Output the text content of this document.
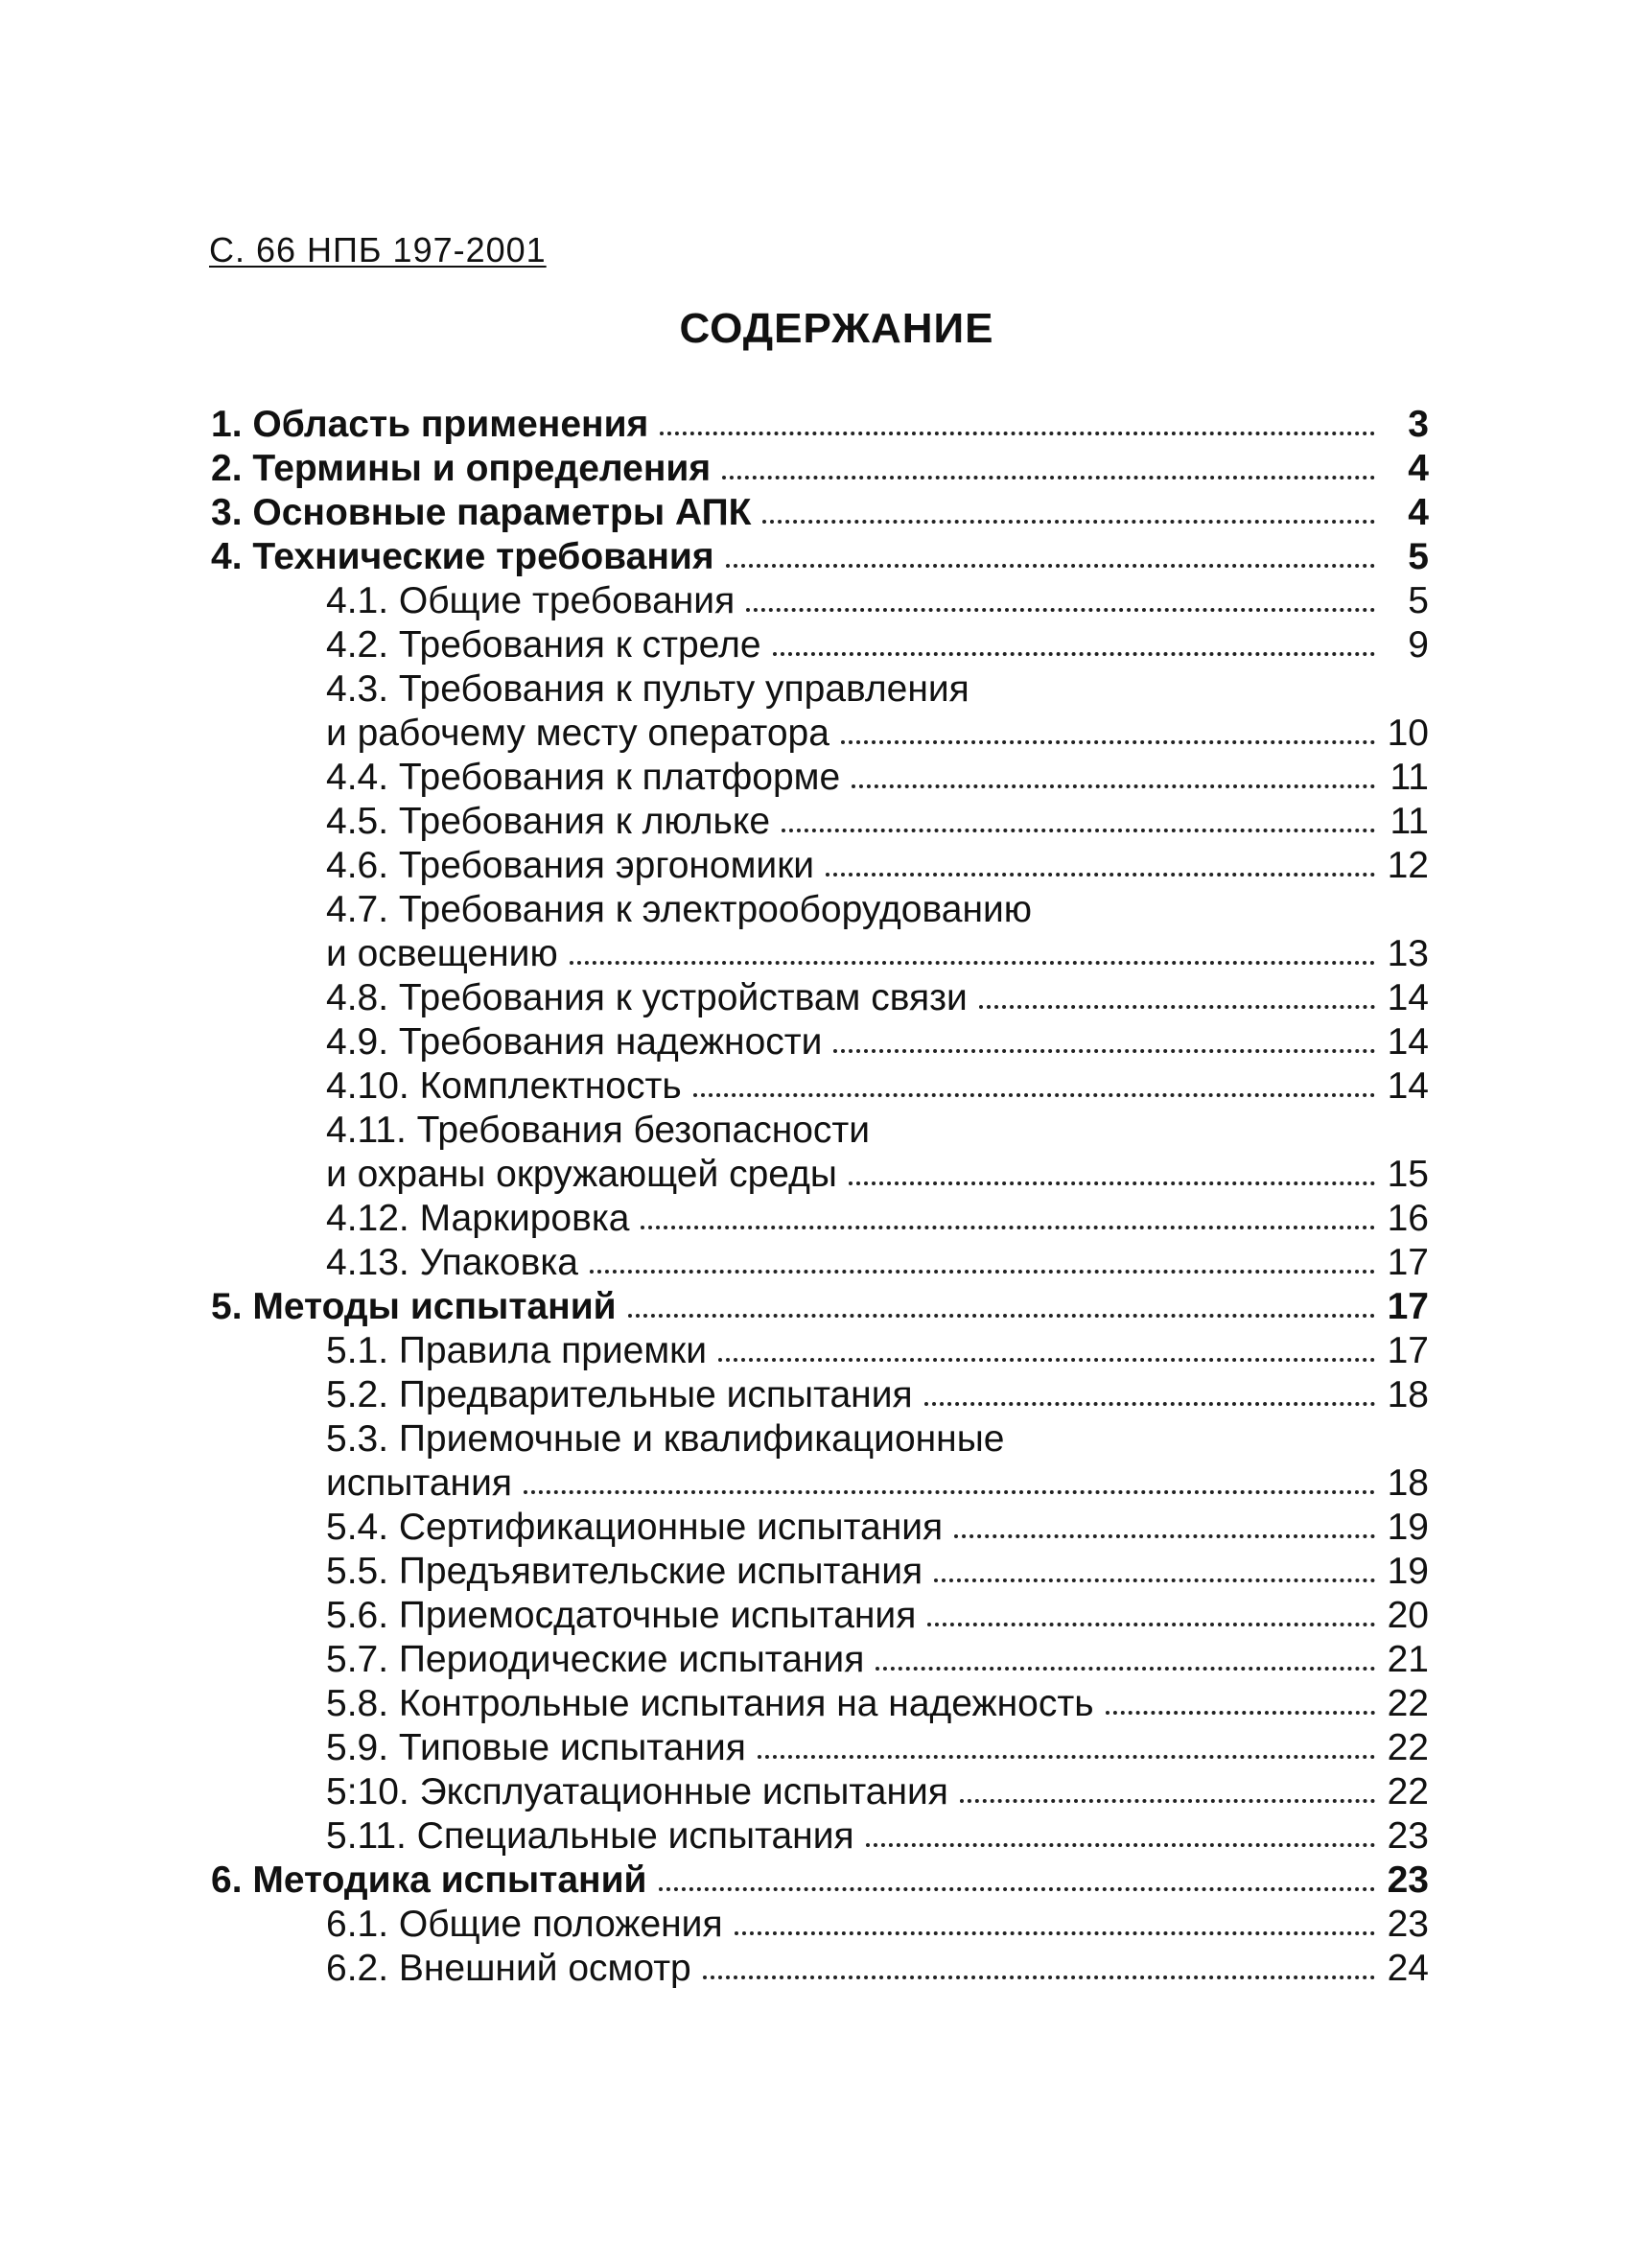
С. 66 НПБ 197-2001
СОДЕРЖАНИЕ
1. Область применения	3
2. Термины и определения	4
3. Основные параметры АПК	4
4. Технические требования	5
4.1. Общие требования	5
4.2. Требования к стреле	9
4.3. Требования к пульту управления
и рабочему месту оператора	10
4.4. Требования к платформе	11
4.5. Требования к люльке	11
4.6. Требования эргономики	12
4.7. Требования к электрооборудованию
и освещению	13
4.8. Требования к устройствам связи	14
4.9. Требования надежности	14
4.10. Комплектность	14
4.11. Требования безопасности
и охраны окружающей среды	15
4.12. Маркировка	16
4.13. Упаковка	17
5. Методы испытаний	17
5.1. Правила приемки	17
5.2. Предварительные испытания	18
5.3. Приемочные и квалификационные
испытания	18
5.4. Сертификационные испытания	19
5.5. Предъявительские испытания	19
5.6. Приемосдаточные испытания	20
5.7. Периодические испытания	21
5.8. Контрольные испытания на надежность	22
5.9. Типовые испытания	22
5:10. Эксплуатационные испытания	22
5.11. Специальные испытания	23
6. Методика испытаний	23
6.1. Общие положения	23
6.2. Внешний осмотр	24
